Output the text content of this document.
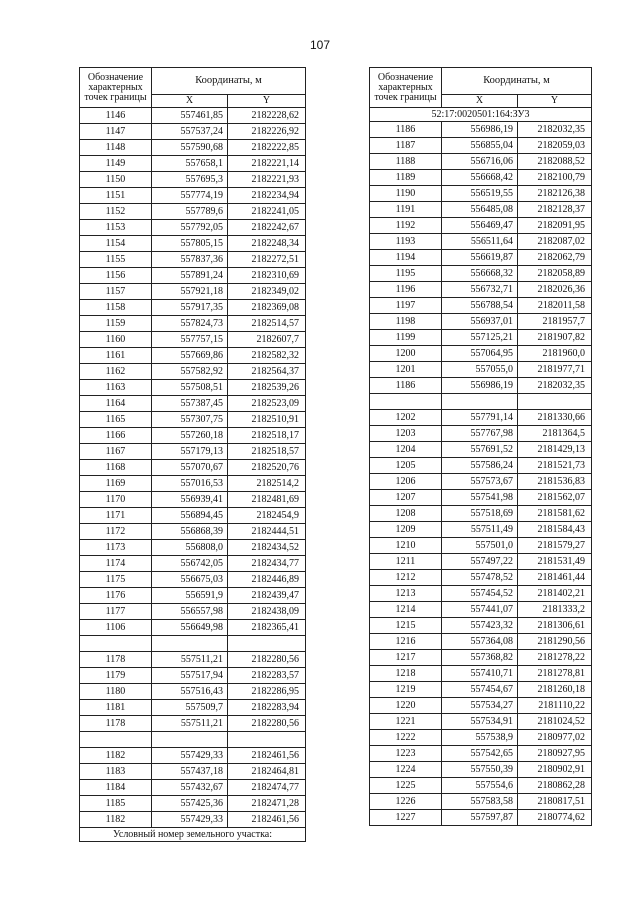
107
Обозначение характерных точек границы	Координаты, м	
	X	Y
1146	557461,85	2182228,62
1147	557537,24	2182226,92
1148	557590,68	2182222,85
1149	557658,1	2182221,14
1150	557695,3	2182221,93
1151	557774,19	2182234,94
1152	557789,6	2182241,05
1153	557792,05	2182242,67
1154	557805,15	2182248,34
1155	557837,36	2182272,51
1156	557891,24	2182310,69
1157	557921,18	2182349,02
1158	557917,35	2182369,08
1159	557824,73	2182514,57
1160	557757,15	2182607,7
1161	557669,86	2182582,32
1162	557582,92	2182564,37
1163	557508,51	2182539,26
1164	557387,45	2182523,09
1165	557307,75	2182510,91
1166	557260,18	2182518,17
1167	557179,13	2182518,57
1168	557070,67	2182520,76
1169	557016,53	2182514,2
1170	556939,41	2182481,69
1171	556894,45	2182454,9
1172	556868,39	2182444,51
1173	556808,0	2182434,52
1174	556742,05	2182434,77
1175	556675,03	2182446,89
1176	556591,9	2182439,47
1177	556557,98	2182438,09
1106	556649,98	2182365,41

1178	557511,21	2182280,56
1179	557517,94	2182283,57
1180	557516,43	2182286,95
1181	557509,7	2182283,94
1178	557511,21	2182280,56

1182	557429,33	2182461,56
1183	557437,18	2182464,81
1184	557432,67	2182474,77
1185	557425,36	2182471,28
1182	557429,33	2182461,56
Условный номер земельного участка:		
Обозначение характерных точек границы	Координаты, м	
	X	Y
52:17:0020501:164:ЗУ3		
1186	556986,19	2182032,35
1187	556855,04	2182059,03
1188	556716,06	2182088,52
1189	556668,42	2182100,79
1190	556519,55	2182126,38
1191	556485,08	2182128,37
1192	556469,47	2182091,95
1193	556511,64	2182087,02
1194	556619,87	2182062,79
1195	556668,32	2182058,89
1196	556732,71	2182026,36
1197	556788,54	2182011,58
1198	556937,01	2181957,7
1199	557125,21	2181907,82
1200	557064,95	2181960,0
1201	557055,0	2181977,71
1186	556986,19	2182032,35

1202	557791,14	2181330,66
1203	557767,98	2181364,5
1204	557691,52	2181429,13
1205	557586,24	2181521,73
1206	557573,67	2181536,83
1207	557541,98	2181562,07
1208	557518,69	2181581,62
1209	557511,49	2181584,43
1210	557501,0	2181579,27
1211	557497,22	2181531,49
1212	557478,52	2181461,44
1213	557454,52	2181402,21
1214	557441,07	2181333,2
1215	557423,32	2181306,61
1216	557364,08	2181290,56
1217	557368,82	2181278,22
1218	557410,71	2181278,81
1219	557454,67	2181260,18
1220	557534,27	2181110,22
1221	557534,91	2181024,52
1222	557538,9	2180977,02
1223	557542,65	2180927,95
1224	557550,39	2180902,91
1225	557554,6	2180862,28
1226	557583,58	2180817,51
1227	557597,87	2180774,62
